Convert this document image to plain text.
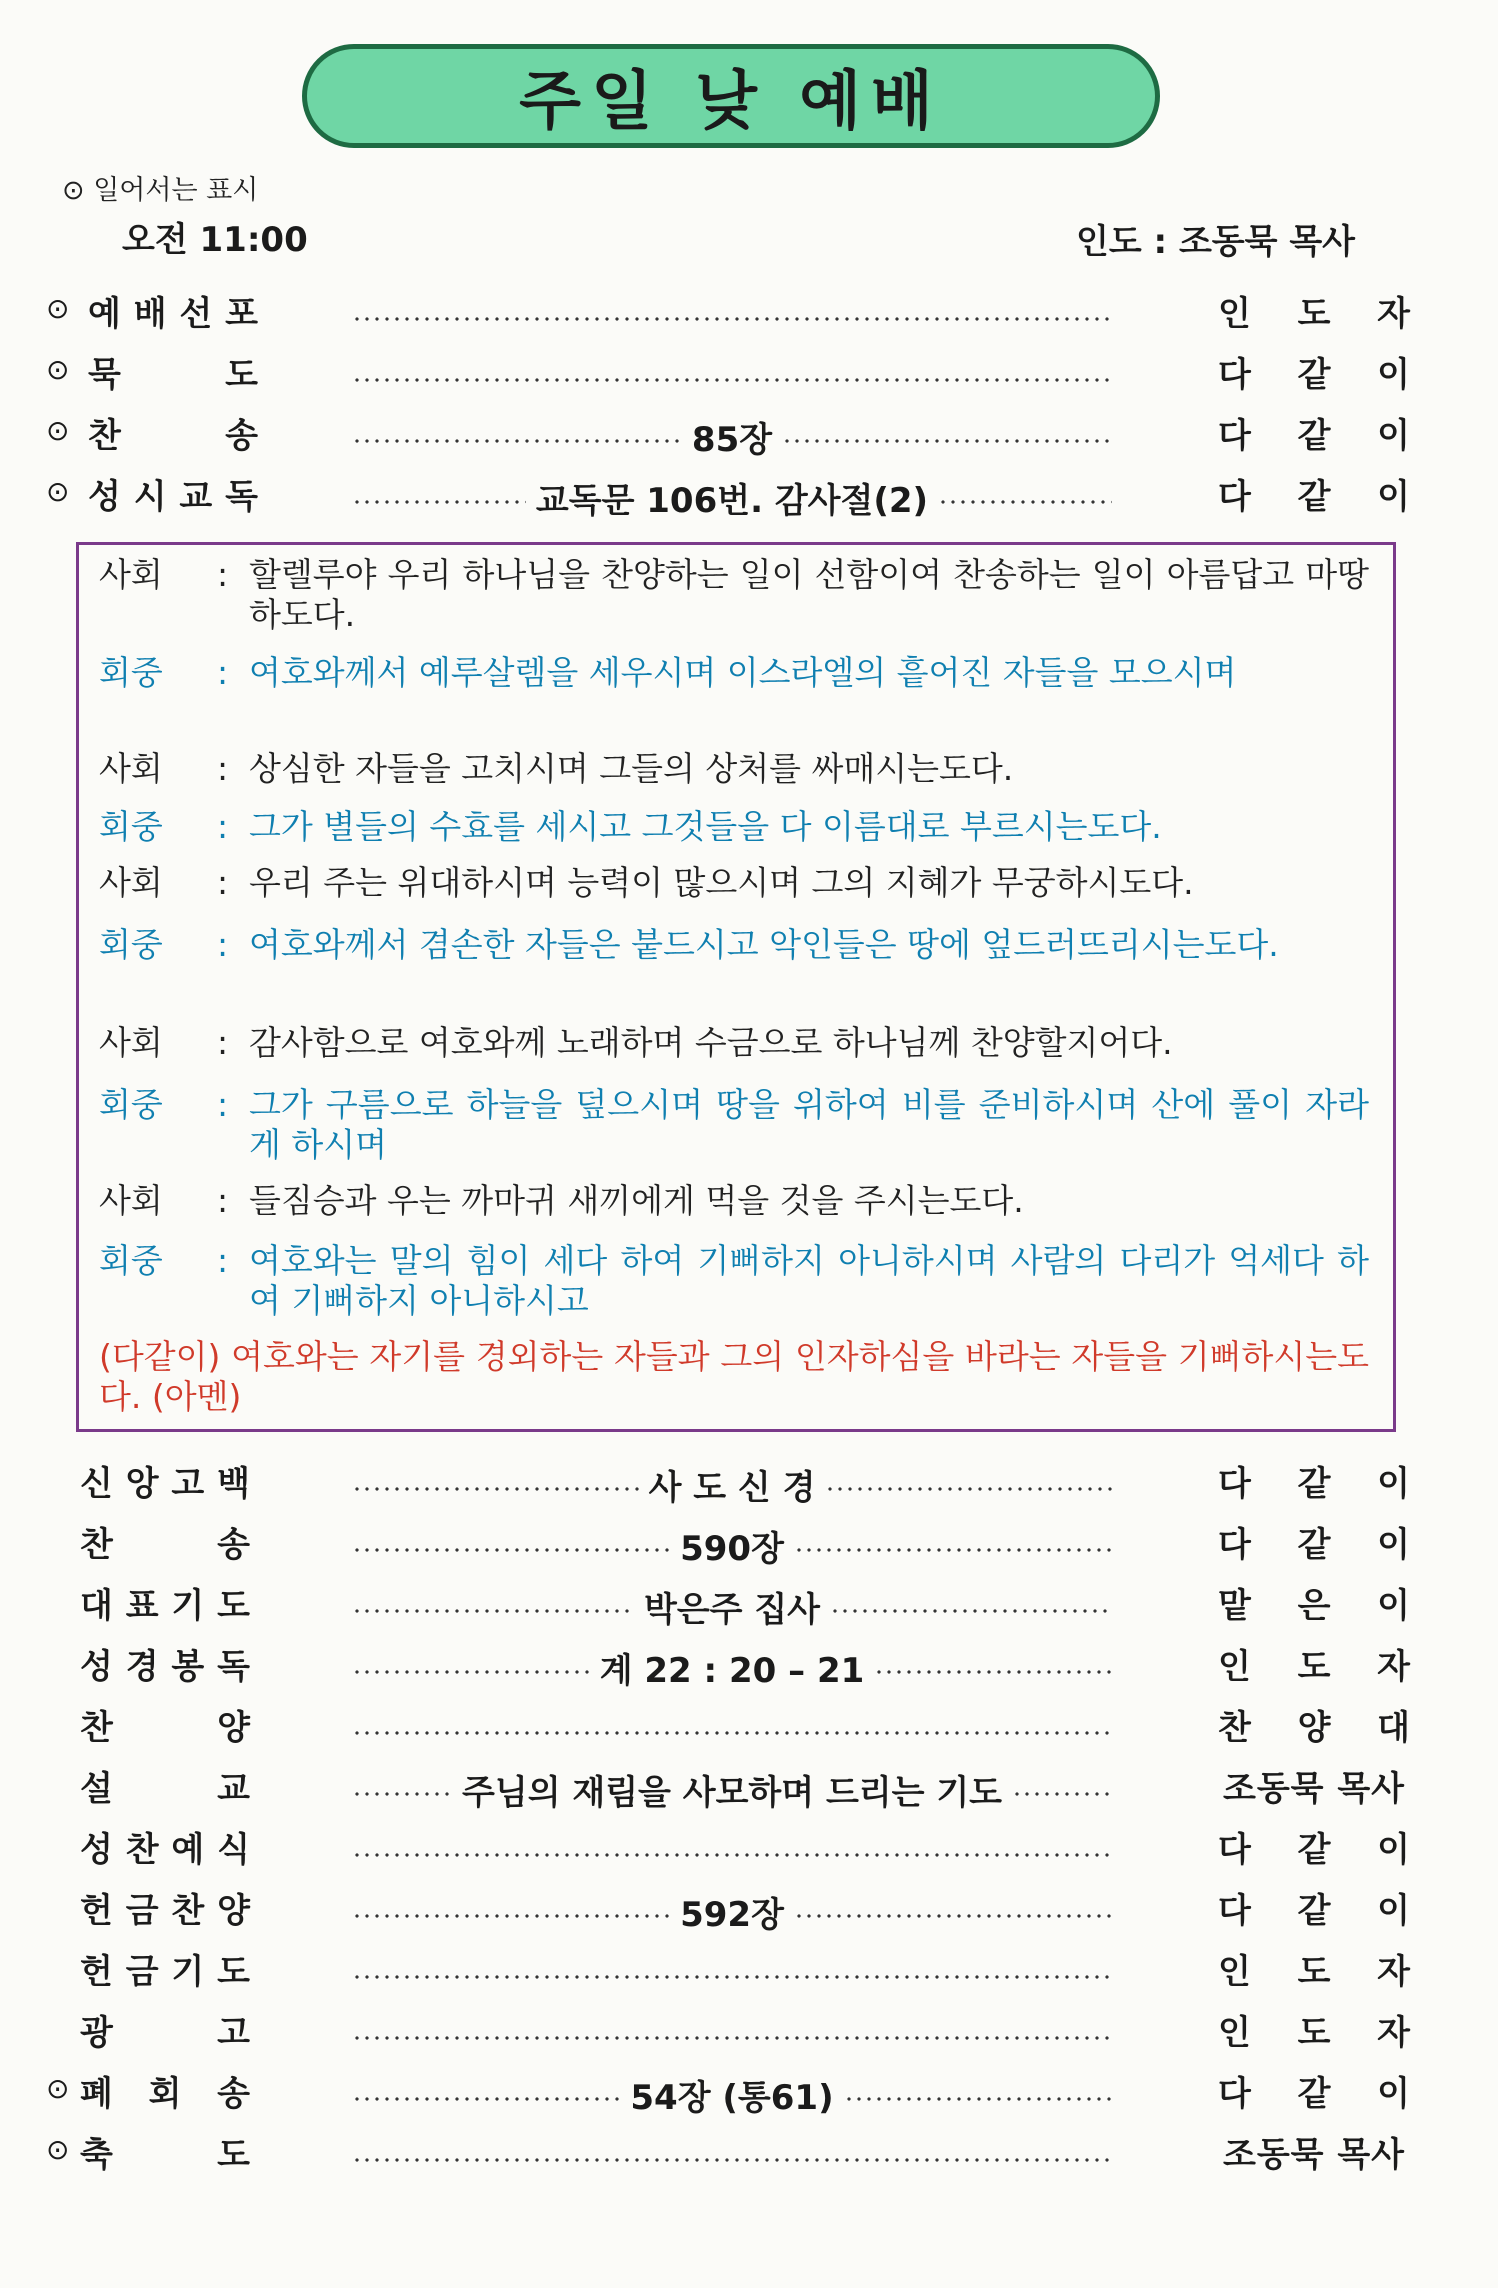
주일 낮 예배
⊙ 일어서는 표시
오전 11:00	인도 : 조동묵 목사
⊙ 예 배 선 포	인 도 자
⊙ 묵	도	다 같 이
⊙ 찬	송	85장	다 같 이
⊙ 성 시 교 독	교독문 106번. 감사절(2)	다 같 이
사회	: 할렐루야 우리 하나님을 찬양하는 일이 선함이여 찬송하는 일이 아름답고 마땅하도다.
회중	: 여호와께서 예루살렘을 세우시며 이스라엘의 흩어진 자들을 모으시며
사회	: 상심한 자들을 고치시며 그들의 상처를 싸매시는도다.
회중	: 그가 별들의 수효를 세시고 그것들을 다 이름대로 부르시는도다.
사회	: 우리 주는 위대하시며 능력이 많으시며 그의 지혜가 무궁하시도다.
회중	: 여호와께서 겸손한 자들은 붙드시고 악인들은 땅에 엎드러뜨리시는도다.
사회	: 감사함으로 여호와께 노래하며 수금으로 하나님께 찬양할지어다.
회중	: 그가 구름으로 하늘을 덮으시며 땅을 위하여 비를 준비하시며 산에 풀이 자라게 하시며
사회	: 들짐승과 우는 까마귀 새끼에게 먹을 것을 주시는도다.
회중	: 여호와는 말의 힘이 세다 하여 기뻐하지 아니하시며 사람의 다리가 억세다 하여 기뻐하지 아니하시고
(다같이) 여호와는 자기를 경외하는 자들과 그의 인자하심을 바라는 자들을 기뻐하시는도다. (아멘)
신 앙 고 백	사 도 신 경	다 같 이
찬	송	590장	다 같 이
대 표 기 도	박은주 집사	맡 은 이
성 경 봉 독	계 22 : 20 – 21	인 도 자
찬	양	찬 양 대
설	교	주님의 재림을 사모하며 드리는 기도	조동묵 목사
성 찬 예 식	다 같 이
헌 금 찬 양	592장	다 같 이
헌 금 기 도	인 도 자
광	고	인 도 자
⊙ 폐 회 송	54장 (통61)	다 같 이
⊙ 축	도	조동묵 목사
